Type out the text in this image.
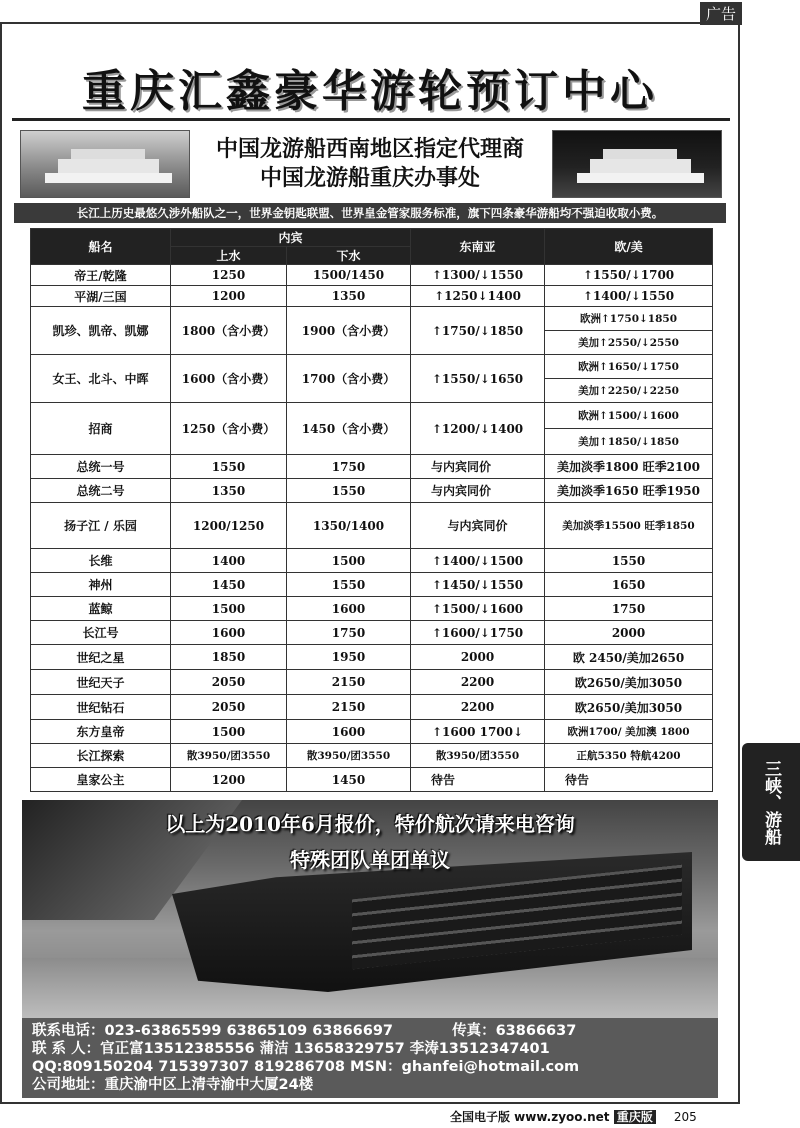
广告
重庆汇鑫豪华游轮预订中心
中国龙游船西南地区指定代理商
中国龙游船重庆办事处
长江上历史最悠久涉外船队之一，世界金钥匙联盟、世界皇金管家服务标准，旗下四条豪华游船均不强迫收取小费。
船名	内宾		东南亚	欧/美
	上水	下水		
帝王/乾隆	1250	1500/1450	↑1300/↓1550	↑1550/↓1700
平湖/三国	1200	1350	↑1250↓1400	↑1400/↓1550
凯珍、凯帝、凯娜	1800（含小费）	1900（含小费）	↑1750/↓1850	欧洲↑1750↓1850
				美加↑2550/↓2550
女王、北斗、中晖	1600（含小费）	1700（含小费）	↑1550/↓1650	欧洲↑1650/↓1750
				美加↑2250/↓2250
招商	1250（含小费）	1450（含小费）	↑1200/↓1400	欧洲↑1500/↓1600
				美加↑1850/↓1850
总统一号	1550	1750	与内宾同价	美加淡季1800 旺季2100
总统二号	1350	1550	与内宾同价	美加淡季1650 旺季1950
扬子江 / 乐园	1200/1250	1350/1400	与内宾同价	美加淡季15500 旺季1850
长维	1400	1500	↑1400/↓1500	1550
神州	1450	1550	↑1450/↓1550	1650
蓝鲸	1500	1600	↑1500/↓1600	1750
长江号	1600	1750	↑1600/↓1750	2000
世纪之星	1850	1950	2000	欧 2450/美加2650
世纪天子	2050	2150	2200	欧2650/美加3050
世纪钻石	2050	2150	2200	欧2650/美加3050
东方皇帝	1500	1600	↑1600 1700↓	欧洲1700/ 美加澳 1800
长江探索	散3950/团3550	散3950/团3550	散3950/团3550	正航5350 特航4200
皇家公主	1200	1450	待告	待告
以上为2010年6月报价，特价航次请来电咨询
特殊团队单团单议
联系电话：023-63865599 63865109 63866697	传真：63866637
联 系 人：官正富13512385556 蒲洁 13658329757 李涛13512347401
QQ:809150204 715397307 819286708 MSN：ghanfei@hotmail.com
公司地址：重庆渝中区上清寺渝中大厦24楼
三峡、游船
全国电子版 www.zyoo.net 重庆版 205
